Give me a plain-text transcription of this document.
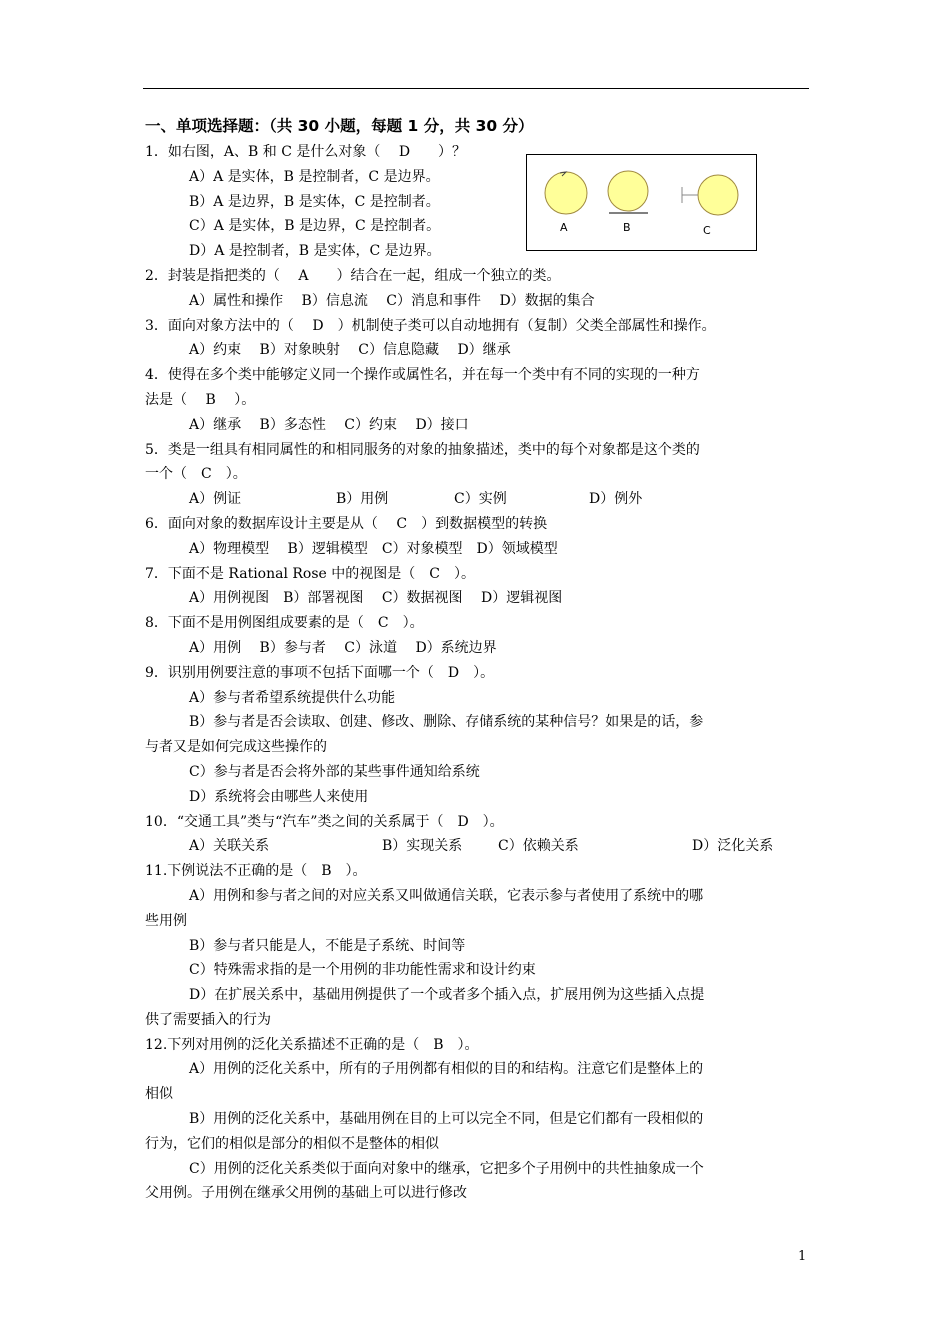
A	B	C
一、单项选择题：（共 30 小题，每题 1 分，共 30 分）
1．如右图，A、B 和 C 是什么对象（　 D　　）？
A）A 是实体，B 是控制者，C 是边界。
B）A 是边界，B 是实体，C 是控制者。
C）A 是实体，B 是边界，C 是控制者。
D）A 是控制者，B 是实体，C 是边界。
2．封装是指把类的（　 A　　）结合在一起，组成一个独立的类。
A）属性和操作　 B）信息流　 C）消息和事件　 D）数据的集合
3．面向对象方法中的（　 D　）机制使子类可以自动地拥有（复制）父类全部属性和操作。
A）约束　 B）对象映射　 C）信息隐藏　 D）继承
4．使得在多个类中能够定义同一个操作或属性名，并在每一个类中有不同的实现的一种方
法是（　 B　 ）。
A）继承　 B）多态性　 C）约束　 D）接口
5．类是一组具有相同属性的和相同服务的对象的抽象描述，类中的每个对象都是这个类的
一个（　C　）。
A）例证	B）用例	C）实例	D）例外
6．面向对象的数据库设计主要是从（　 C　）到数据模型的转换
A）物理模型　 B）逻辑模型　C）对象模型　D）领域模型
7．下面不是 Rational Rose 中的视图是（　C　）。
A）用例视图　B）部署视图　 C）数据视图　 D）逻辑视图
8．下面不是用例图组成要素的是（　C　）。
A）用例　 B）参与者　 C）泳道　 D）系统边界
9．识别用例要注意的事项不包括下面哪一个（　D　）。
A）参与者希望系统提供什么功能
B）参与者是否会读取、创建、修改、删除、存储系统的某种信号？如果是的话，参
与者又是如何完成这些操作的
C）参与者是否会将外部的某些事件通知给系统
D）系统将会由哪些人来使用
10．“交通工具”类与“汽车”类之间的关系属于（　D　）。
A）关联关系	B）实现关系	C）依赖关系	D）泛化关系
11.下例说法不正确的是（　B　）。
A）用例和参与者之间的对应关系又叫做通信关联，它表示参与者使用了系统中的哪
些用例
B）参与者只能是人，不能是子系统、时间等
C）特殊需求指的是一个用例的非功能性需求和设计约束
D）在扩展关系中，基础用例提供了一个或者多个插入点，扩展用例为这些插入点提
供了需要插入的行为
12.下列对用例的泛化关系描述不正确的是（　B　）。
A）用例的泛化关系中，所有的子用例都有相似的目的和结构。注意它们是整体上的
相似
B）用例的泛化关系中，基础用例在目的上可以完全不同，但是它们都有一段相似的
行为，它们的相似是部分的相似不是整体的相似
C）用例的泛化关系类似于面向对象中的继承，它把多个子用例中的共性抽象成一个
父用例。子用例在继承父用例的基础上可以进行修改
1
